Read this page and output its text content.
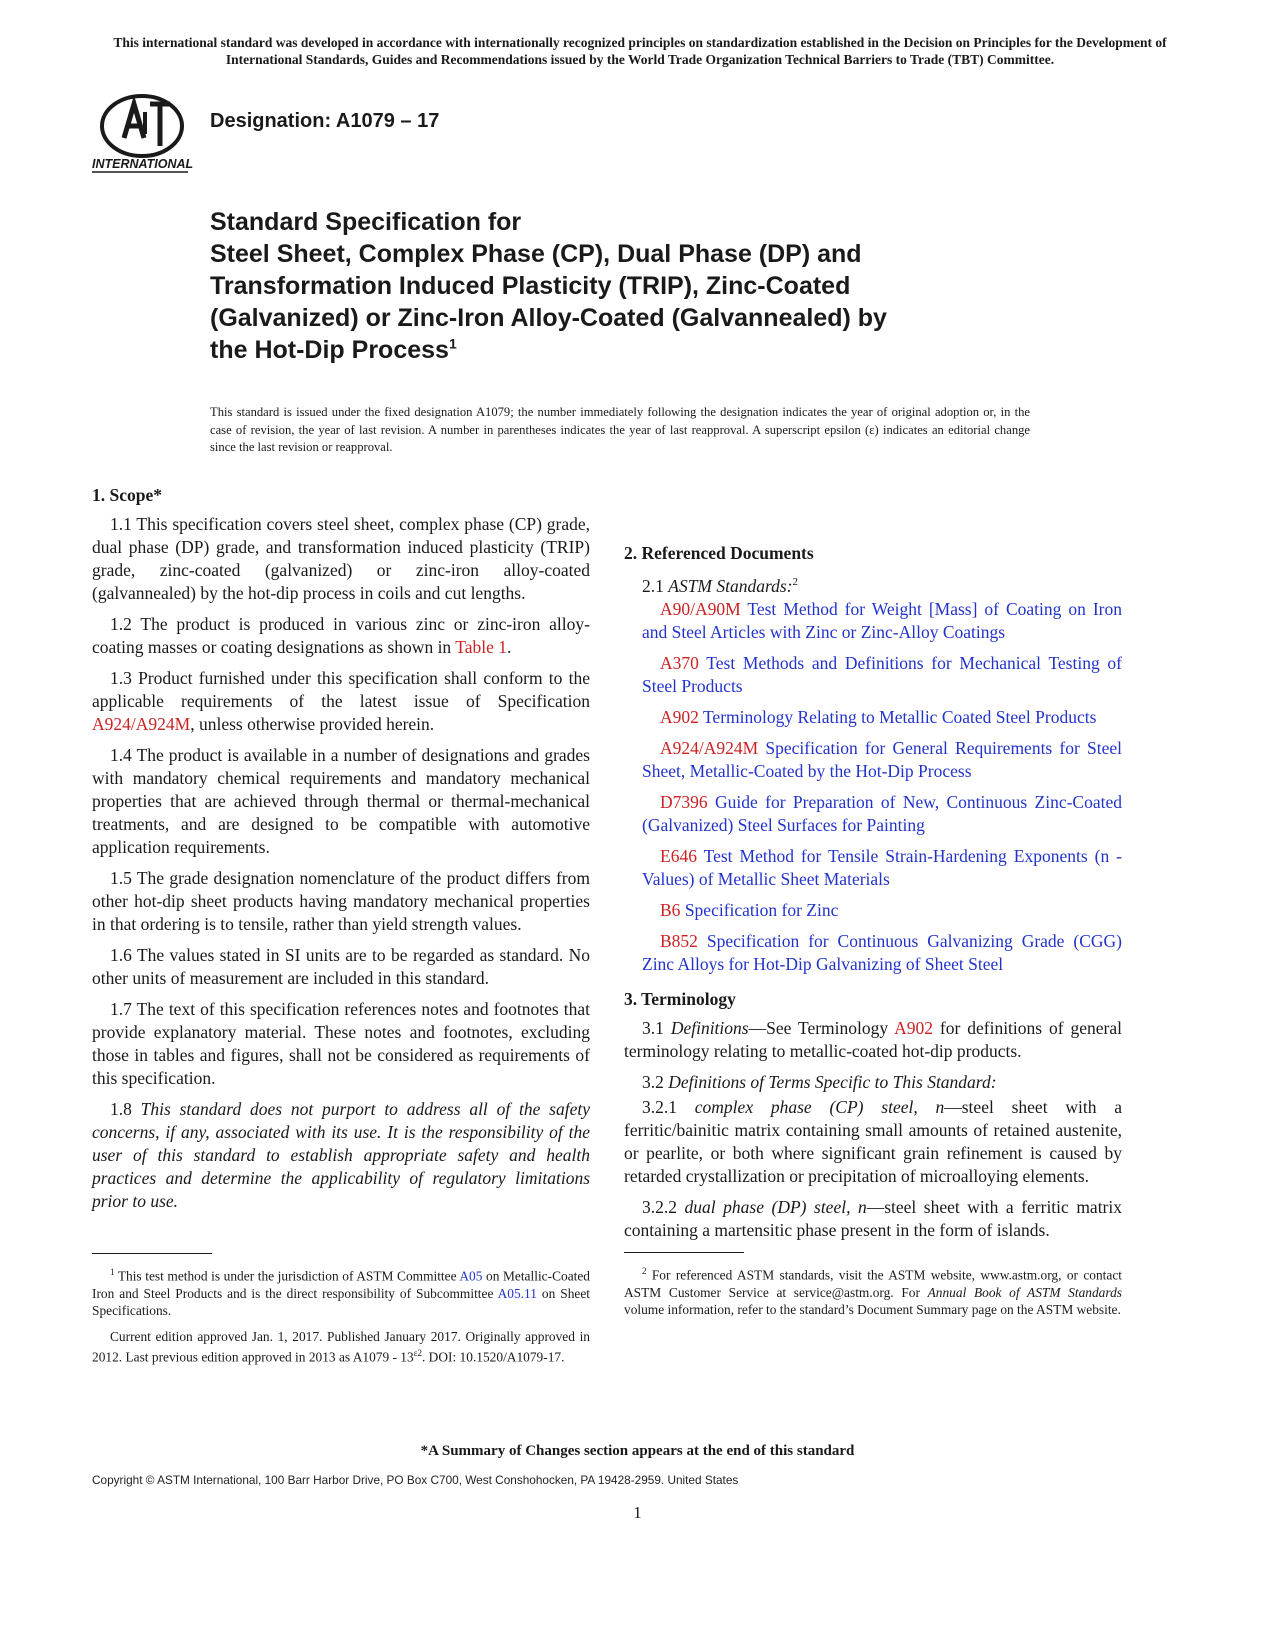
This international standard was developed in accordance with internationally recognized principles on standardization established in the Decision on Principles for the Development of International Standards, Guides and Recommendations issued by the World Trade Organization Technical Barriers to Trade (TBT) Committee.
INTERNATIONAL
Designation: A1079 – 17
Standard Specification for
Steel Sheet, Complex Phase (CP), Dual Phase (DP) and
Transformation Induced Plasticity (TRIP), Zinc-Coated
(Galvanized) or Zinc-Iron Alloy-Coated (Galvannealed) by
the Hot-Dip Process$^1$

This standard is issued under the fixed designation A1079; the number immediately following the designation indicates the year of original adoption or, in the case of revision, the year of last revision. A number in parentheses indicates the year of last reapproval. A superscript epsilon (ε) indicates an editorial change since the last revision or reapproval.

1. Scope*

1.1 This specification covers steel sheet, complex phase (CP) grade, dual phase (DP) grade, and transformation induced plasticity (TRIP) grade, zinc-coated (galvanized) or zinc-iron alloy-coated (galvannealed) by the hot-dip process in coils and cut lengths.

1.2 The product is produced in various zinc or zinc-iron alloy-coating masses or coating designations as shown in Table 1.

1.3 Product furnished under this specification shall conform to the applicable requirements of the latest issue of Specification A924/A924M, unless otherwise provided herein.

1.4 The product is available in a number of designations and grades with mandatory chemical requirements and mandatory mechanical properties that are achieved through thermal or thermal-mechanical treatments, and are designed to be compatible with automotive application requirements.

1.5 The grade designation nomenclature of the product differs from other hot-dip sheet products having mandatory mechanical properties in that ordering is to tensile, rather than yield strength values.

1.6 The values stated in SI units are to be regarded as standard. No other units of measurement are included in this standard.

1.7 The text of this specification references notes and footnotes that provide explanatory material. These notes and footnotes, excluding those in tables and figures, shall not be considered as requirements of this specification.

1.8 This standard does not purport to address all of the safety concerns, if any, associated with its use. It is the responsibility of the user of this standard to establish appropriate safety and health practices and determine the applicability of regulatory limitations prior to use.

$^1$ This test method is under the jurisdiction of ASTM Committee A05 on Metallic-Coated Iron and Steel Products and is the direct responsibility of Subcommittee A05.11 on Sheet Specifications.

Current edition approved Jan. 1, 2017. Published January 2017. Originally approved in 2012. Last previous edition approved in 2013 as $A1079 - 13^{\varepsilon 2}$. DOI: 10.1520/A1079-17.

2. Referenced Documents

2.1 ASTM Standards:$^2$

A90/A90M Test Method for Weight [Mass] of Coating on Iron and Steel Articles with Zinc or Zinc-Alloy Coatings

A370 Test Methods and Definitions for Mechanical Testing of Steel Products

A902 Terminology Relating to Metallic Coated Steel Products

A924/A924M Specification for General Requirements for Steel Sheet, Metallic-Coated by the Hot-Dip Process

D7396 Guide for Preparation of New, Continuous Zinc-Coated (Galvanized) Steel Surfaces for Painting

E646 Test Method for Tensile Strain-Hardening Exponents (n -Values) of Metallic Sheet Materials

B6 Specification for Zinc

B852 Specification for Continuous Galvanizing Grade (CGG) Zinc Alloys for Hot-Dip Galvanizing of Sheet Steel

3. Terminology

3.1 Definitions—See Terminology A902 for definitions of general terminology relating to metallic-coated hot-dip products.

3.2 Definitions of Terms Specific to This Standard:

3.2.1 complex phase (CP) steel, n—steel sheet with a ferritic/bainitic matrix containing small amounts of retained austenite, or pearlite, or both where significant grain refinement is caused by retarded crystallization or precipitation of microalloying elements.

3.2.2 dual phase (DP) steel, n—steel sheet with a ferritic matrix containing a martensitic phase present in the form of islands.

$^2$ For referenced ASTM standards, visit the ASTM website, www.astm.org, or contact ASTM Customer Service at service@astm.org. For Annual Book of ASTM Standards volume information, refer to the standard’s Document Summary page on the ASTM website.

*A Summary of Changes section appears at the end of this standard
Copyright © ASTM International, 100 Barr Harbor Drive, PO Box C700, West Conshohocken, PA 19428-2959. United States
1
